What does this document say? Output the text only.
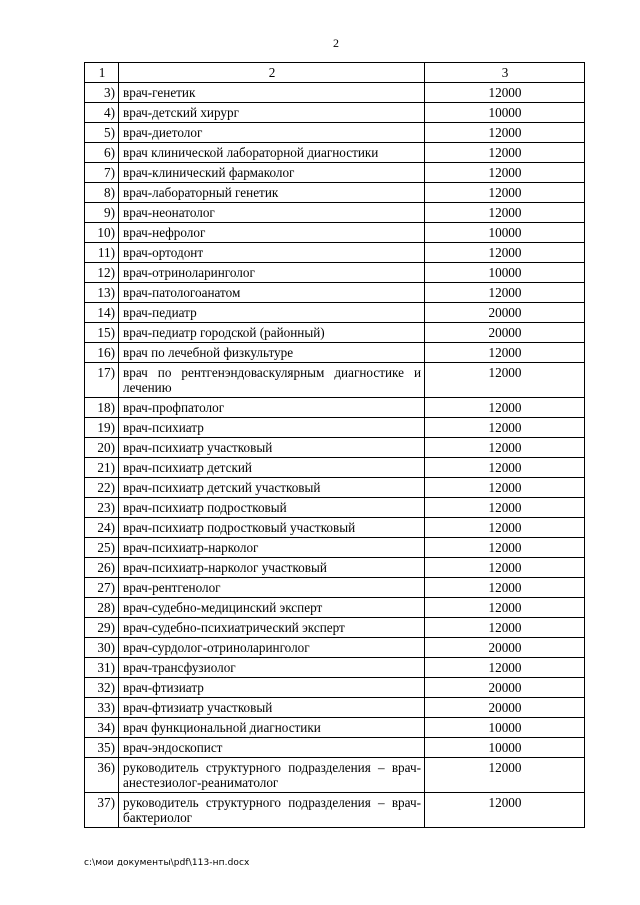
2
1	2	3
3)	врач-генетик	12000
4)	врач-детский хирург	10000
5)	врач-диетолог	12000
6)	врач клинической лабораторной диагностики	12000
7)	врач-клинический фармаколог	12000
8)	врач-лабораторный генетик	12000
9)	врач-неонатолог	12000
10)	врач-нефролог	10000
11)	врач-ортодонт	12000
12)	врач-отриноларинголог	10000
13)	врач-патологоанатом	12000
14)	врач-педиатр	20000
15)	врач-педиатр городской (районный)	20000
16)	врач по лечебной физкультуре	12000
17)	врач по рентгенэндоваскулярным диагностике и лечению	12000
18)	врач-профпатолог	12000
19)	врач-психиатр	12000
20)	врач-психиатр участковый	12000
21)	врач-психиатр детский	12000
22)	врач-психиатр детский участковый	12000
23)	врач-психиатр подростковый	12000
24)	врач-психиатр подростковый участковый	12000
25)	врач-психиатр-нарколог	12000
26)	врач-психиатр-нарколог участковый	12000
27)	врач-рентгенолог	12000
28)	врач-судебно-медицинский эксперт	12000
29)	врач-судебно-психиатрический эксперт	12000
30)	врач-сурдолог-отриноларинголог	20000
31)	врач-трансфузиолог	12000
32)	врач-фтизиатр	20000
33)	врач-фтизиатр участковый	20000
34)	врач функциональной диагностики	10000
35)	врач-эндоскопист	10000
36)	руководитель структурного подразделения – врач-анестезиолог-реаниматолог	12000
37)	руководитель структурного подразделения – врач-бактериолог	12000
c:\мои документы\pdf\113-нп.docx
